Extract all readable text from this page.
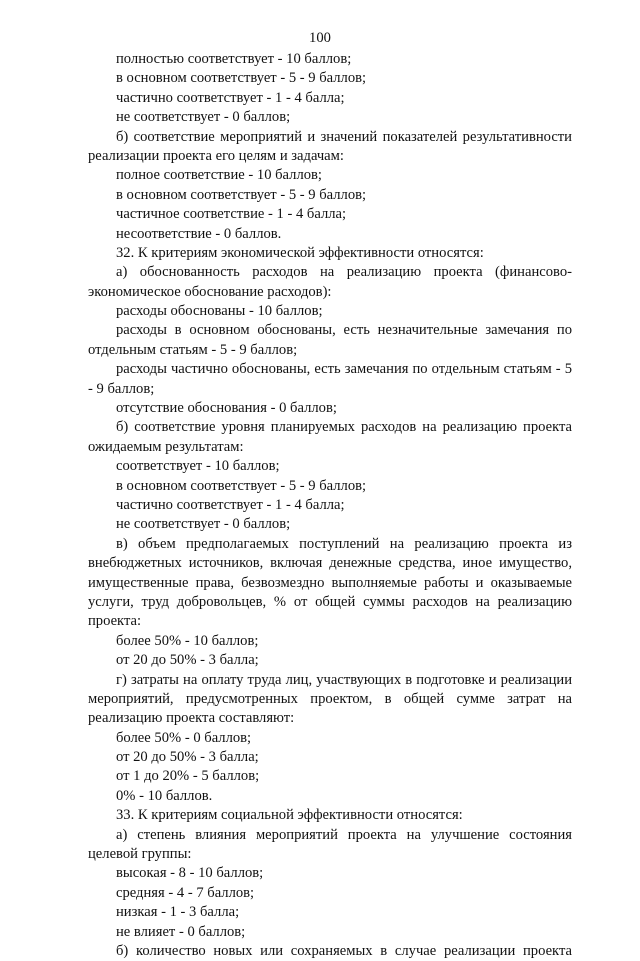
100
полностью соответствует - 10 баллов;
в основном соответствует - 5 - 9 баллов;
частично соответствует - 1 - 4 балла;
не соответствует - 0 баллов;
б) соответствие мероприятий и значений показателей результативности
реализации проекта его целям и задачам:
полное соответствие - 10 баллов;
в основном соответствует - 5 - 9 баллов;
частичное соответствие - 1 - 4 балла;
несоответствие - 0 баллов.
32. К критериям экономической эффективности относятся:
а) обоснованность расходов на реализацию проекта (финансово-
экономическое обоснование расходов):
расходы обоснованы - 10 баллов;
расходы в основном обоснованы, есть незначительные замечания по
отдельным статьям - 5 - 9 баллов;
расходы частично обоснованы, есть замечания по отдельным статьям - 5
- 9 баллов;
отсутствие обоснования - 0 баллов;
б) соответствие уровня планируемых расходов на реализацию проекта
ожидаемым результатам:
соответствует - 10 баллов;
в основном соответствует - 5 - 9 баллов;
частично соответствует - 1 - 4 балла;
не соответствует - 0 баллов;
в) объем предполагаемых поступлений на реализацию проекта из
внебюджетных источников, включая денежные средства, иное имущество,
имущественные права, безвозмездно выполняемые работы и оказываемые
услуги, труд добровольцев, % от общей суммы расходов на реализацию
проекта:
более 50% - 10 баллов;
от 20 до 50% - 3 балла;
г) затраты на оплату труда лиц, участвующих в подготовке и реализации
мероприятий, предусмотренных проектом, в общей сумме затрат на
реализацию проекта составляют:
более 50% - 0 баллов;
от 20 до 50% - 3 балла;
от 1 до 20% - 5 баллов;
0% - 10 баллов.
33. К критериям социальной эффективности относятся:
а) степень влияния мероприятий проекта на улучшение состояния
целевой группы:
высокая - 8 - 10 баллов;
средняя - 4 - 7 баллов;
низкая - 1 - 3 балла;
не влияет - 0 баллов;
б) количество новых или сохраняемых в случае реализации проекта
